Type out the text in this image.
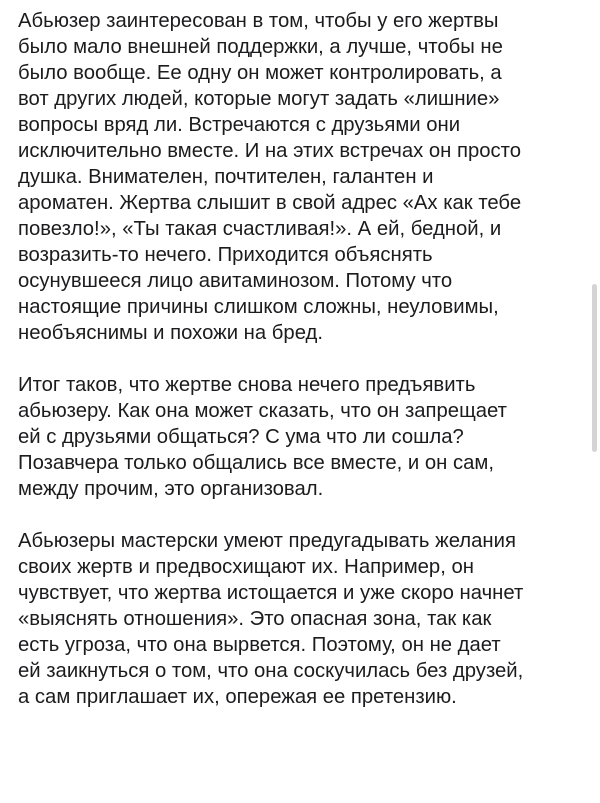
Абьюзер заинтересован в том, чтобы у его жертвы
было мало внешней поддержки, а лучше, чтобы не
было вообще. Ее одну он может контролировать, а
вот других людей, которые могут задать «лишние»
вопросы вряд ли. Встречаются с друзьями они
исключительно вместе. И на этих встречах он просто
душка. Внимателен, почтителен, галантен и
ароматен. Жертва слышит в свой адрес «Ах как тебе
повезло!», «Ты такая счастливая!». А ей, бедной, и
возразить-то нечего. Приходится объяснять
осунувшееся лицо авитаминозом. Потому что
настоящие причины слишком сложны, неуловимы,
необъяснимы и похожи на бред.

Итог таков, что жертве снова нечего предъявить
абьюзеру. Как она может сказать, что он запрещает
ей с друзьями общаться? С ума что ли сошла?
Позавчера только общались все вместе, и он сам,
между прочим, это организовал.

Абьюзеры мастерски умеют предугадывать желания
своих жертв и предвосхищают их. Например, он
чувствует, что жертва истощается и уже скоро начнет
«выяснять отношения». Это опасная зона, так как
есть угроза, что она вырвется. Поэтому, он не дает
ей заикнуться о том, что она соскучилась без друзей,
а сам приглашает их, опережая ее претензию.
